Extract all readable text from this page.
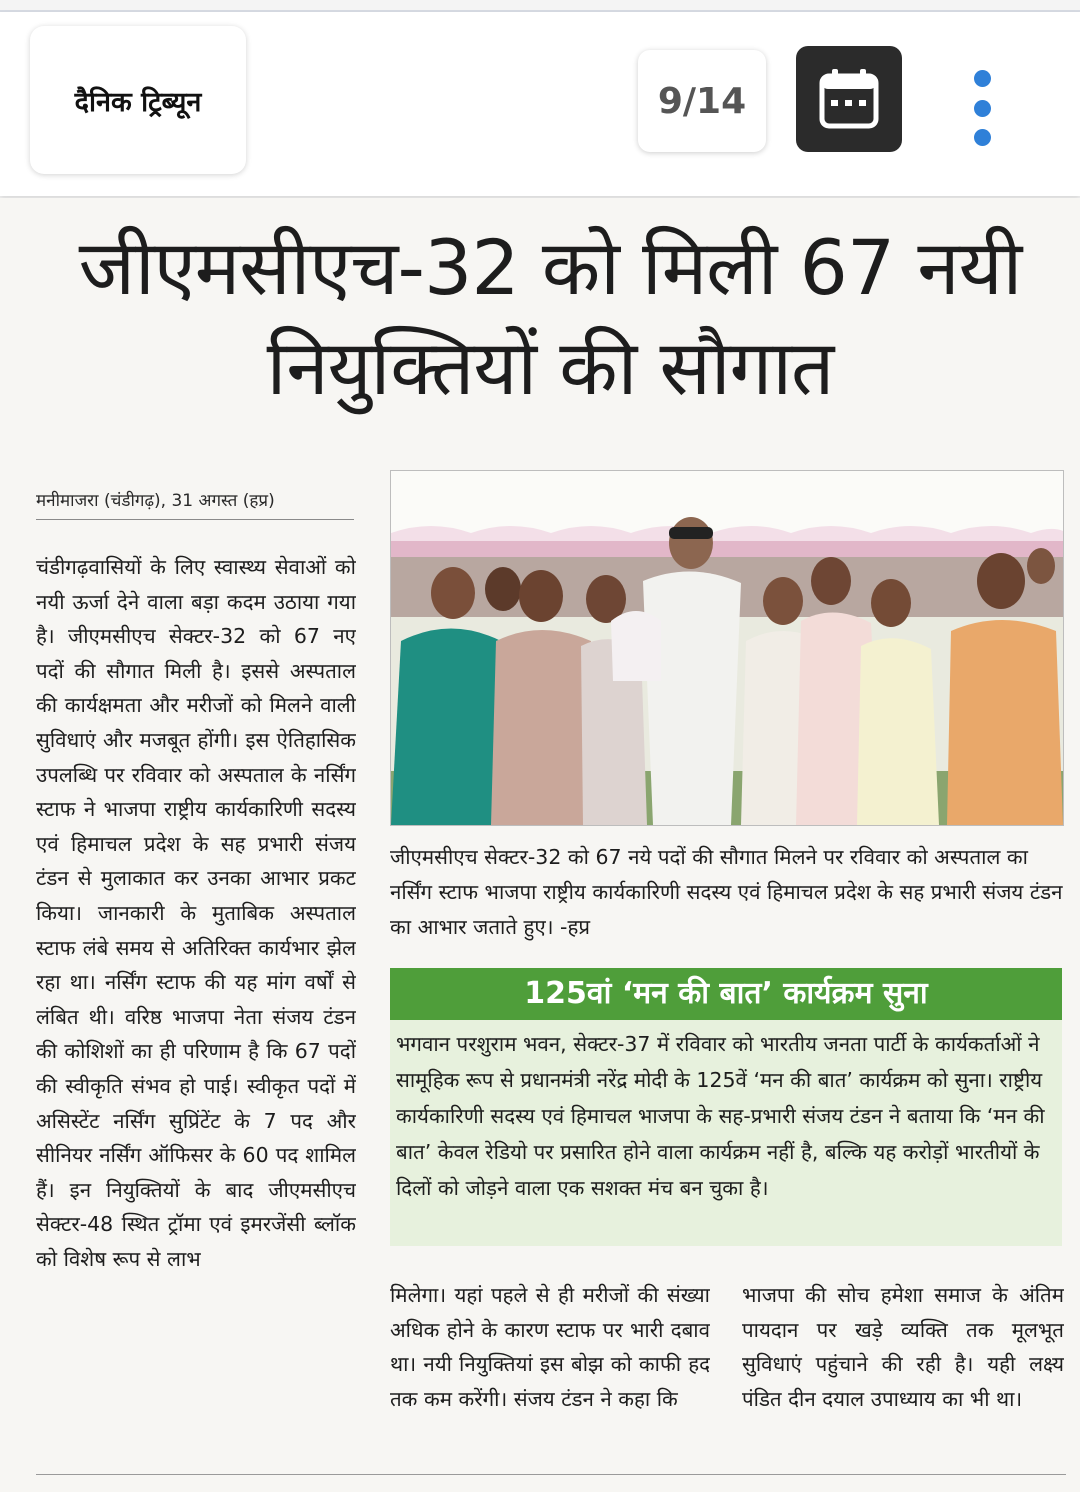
दैनिक ट्रिब्यून	9/14
जीएमसीएच-32 को मिली 67 नयी
नियुक्तियों की सौगात
मनीमाजरा (चंडीगढ़), 31 अगस्त (हप्र)
चंडीगढ़वासियों के लिए स्वास्थ्य सेवाओं को नयी ऊर्जा देने वाला बड़ा कदम उठाया गया है। जीएमसीएच सेक्टर-32 को 67 नए पदों की सौगात मिली है। इससे अस्पताल की कार्यक्षमता और मरीजों को मिलने वाली सुविधाएं और मजबूत होंगी। इस ऐतिहासिक उपलब्धि पर रविवार को अस्पताल के नर्सिंग स्टाफ ने भाजपा राष्ट्रीय कार्यकारिणी सदस्य एवं हिमाचल प्रदेश के सह प्रभारी संजय टंडन से मुलाकात कर उनका आभार प्रकट किया। जानकारी के मुताबिक अस्पताल स्टाफ लंबे समय से अतिरिक्त कार्यभार झेल रहा था। नर्सिंग स्टाफ की यह मांग वर्षों से लंबित थी। वरिष्ठ भाजपा नेता संजय टंडन की कोशिशों का ही परिणाम है कि 67 पदों की स्वीकृति संभव हो पाई। स्वीकृत पदों में असिस्टेंट नर्सिंग सुप्रिंटेंट के 7 पद और सीनियर नर्सिंग ऑफिसर के 60 पद शामिल हैं। इन नियुक्तियों के बाद जीएमसीएच सेक्टर-48 स्थित ट्रॉमा एवं इमरजेंसी ब्लॉक को विशेष रूप से लाभ
जीएमसीएच सेक्टर-32 को 67 नये पदों की सौगात मिलने पर रविवार को अस्पताल का नर्सिंग स्टाफ भाजपा राष्ट्रीय कार्यकारिणी सदस्य एवं हिमाचल प्रदेश के सह प्रभारी संजय टंडन का आभार जताते हुए। -हप्र
125वां ‘मन की बात’ कार्यक्रम सुना
भगवान परशुराम भवन, सेक्टर-37 में रविवार को भारतीय जनता पार्टी के कार्यकर्ताओं ने सामूहिक रूप से प्रधानमंत्री नरेंद्र मोदी के 125वें ‘मन की बात’ कार्यक्रम को सुना। राष्ट्रीय कार्यकारिणी सदस्य एवं हिमाचल भाजपा के सह-प्रभारी संजय टंडन ने बताया कि ‘मन की बात’ केवल रेडियो पर प्रसारित होने वाला कार्यक्रम नहीं है, बल्कि यह करोड़ों भारतीयों के दिलों को जोड़ने वाला एक सशक्त मंच बन चुका है।
मिलेगा। यहां पहले से ही मरीजों की संख्या अधिक होने के कारण स्टाफ पर भारी दबाव था। नयी नियुक्तियां इस बोझ को काफी हद तक कम करेंगी। संजय टंडन ने कहा कि
भाजपा की सोच हमेशा समाज के अंतिम पायदान पर खड़े व्यक्ति तक मूलभूत सुविधाएं पहुंचाने की रही है। यही लक्ष्य पंडित दीन दयाल उपाध्याय का भी था।
